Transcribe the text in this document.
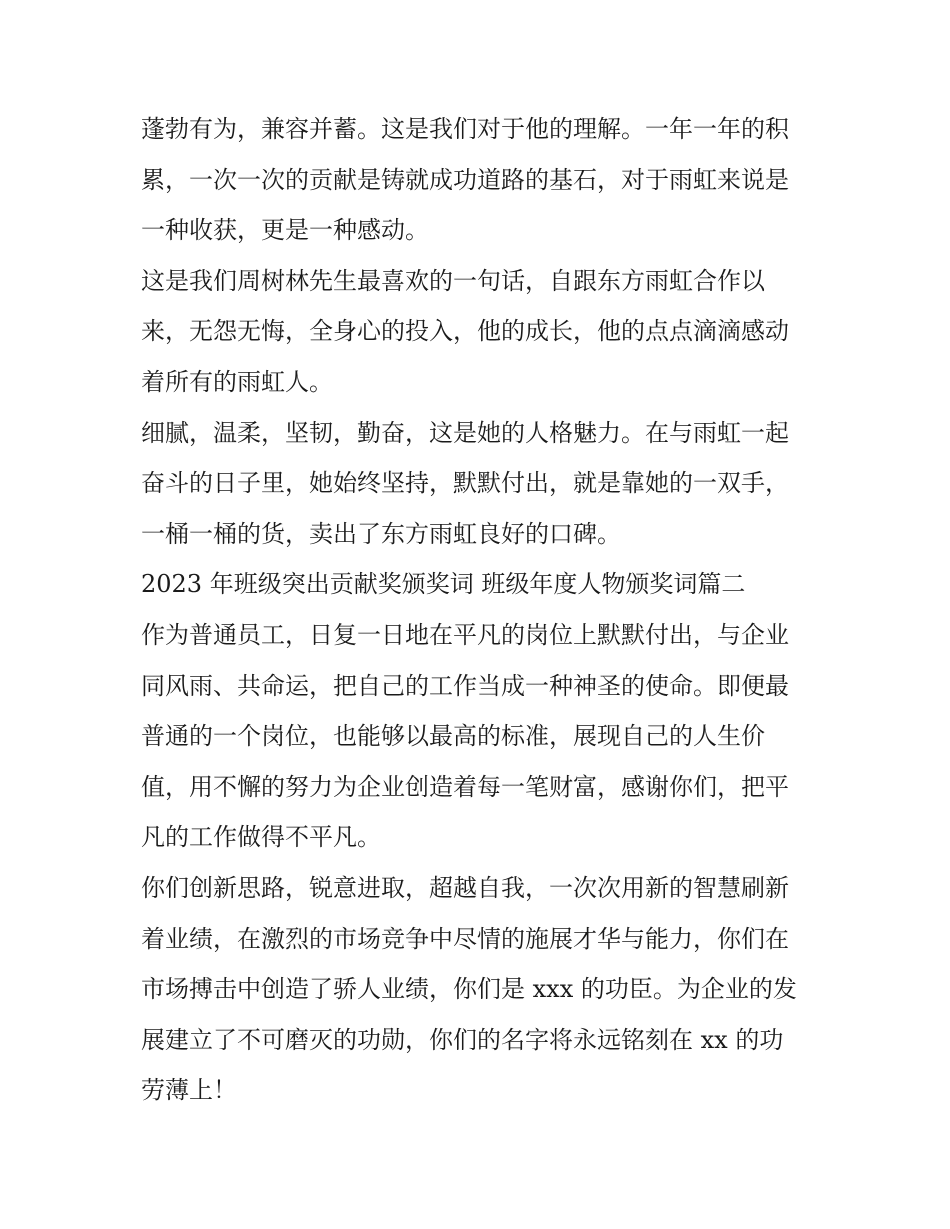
蓬勃有为，兼容并蓄。这是我们对于他的理解。一年一年的积
累，一次一次的贡献是铸就成功道路的基石，对于雨虹来说是
一种收获，更是一种感动。
这是我们周树林先生最喜欢的一句话，自跟东方雨虹合作以
来，无怨无悔，全身心的投入，他的成长，他的点点滴滴感动
着所有的雨虹人。
细腻，温柔，坚韧，勤奋，这是她的人格魅力。在与雨虹一起
奋斗的日子里，她始终坚持，默默付出，就是靠她的一双手，
一桶一桶的货，卖出了东方雨虹良好的口碑。
2023 年班级突出贡献奖颁奖词 班级年度人物颁奖词篇二
作为普通员工，日复一日地在平凡的岗位上默默付出，与企业
同风雨、共命运，把自己的工作当成一种神圣的使命。即便最
普通的一个岗位，也能够以最高的标准，展现自己的人生价
值，用不懈的努力为企业创造着每一笔财富，感谢你们，把平
凡的工作做得不平凡。
你们创新思路，锐意进取，超越自我，一次次用新的智慧刷新
着业绩，在激烈的市场竞争中尽情的施展才华与能力，你们在
市场搏击中创造了骄人业绩，你们是 xxx 的功臣。为企业的发
展建立了不可磨灭的功勋，你们的名字将永远铭刻在 xx 的功
劳薄上！
